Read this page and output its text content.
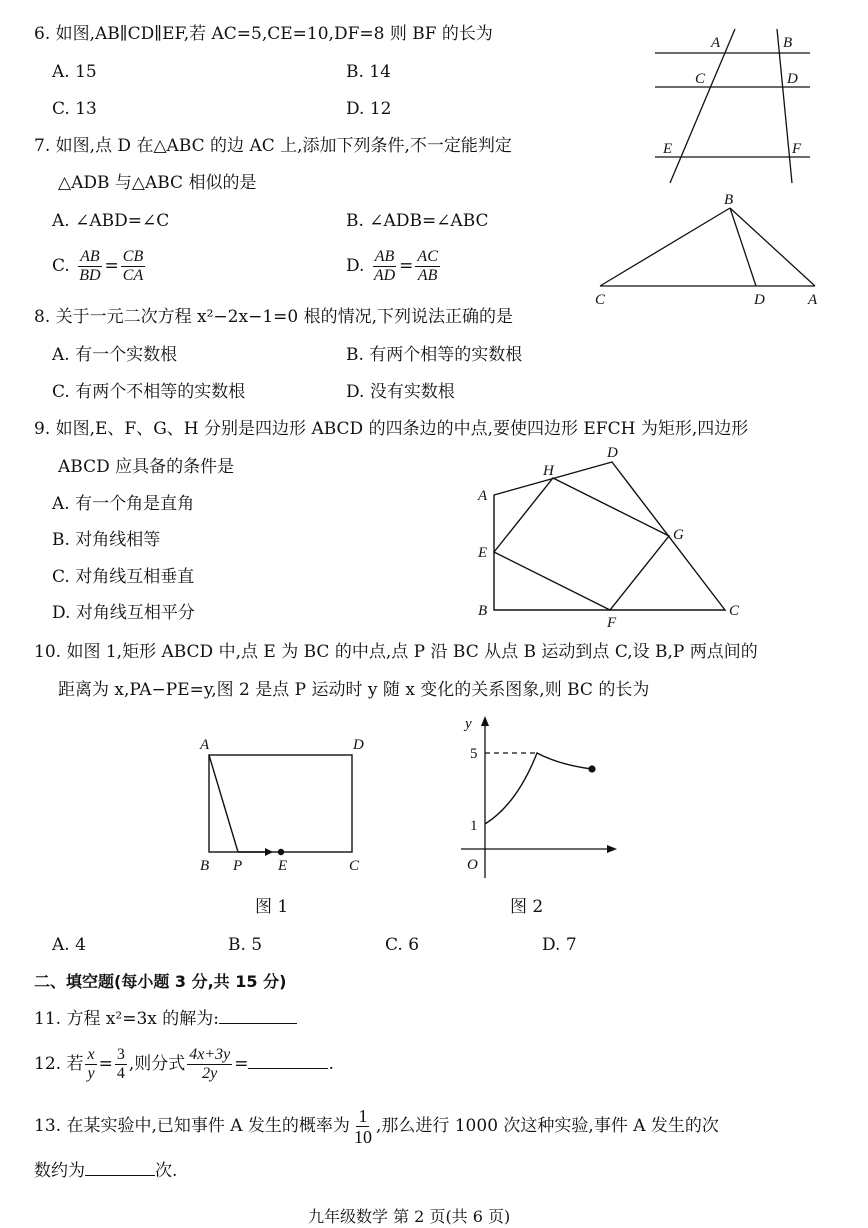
6. 如图,AB∥CD∥EF,若 AC=5,CE=10,DF=8 则 BF 的长为
A. 15	B. 14
C. 13	D. 12
A	B
C	D
E	F
7. 如图,点 D 在△ABC 的边 AC 上,添加下列条件,不一定能判定
△ADB 与△ABC 相似的是
A. ∠ABD=∠C	B. ∠ADB=∠ABC
C. $\frac{AB}{BD} = \frac{CB}{CA}$	D. $\frac{AB}{AD} = \frac{AC}{AB}$
B
C	D	A
8. 关于一元二次方程 x²−2x−1=0 根的情况,下列说法正确的是
A. 有一个实数根	B. 有两个相等的实数根
C. 有两个不相等的实数根	D. 没有实数根
9. 如图,E、F、G、H 分别是四边形 ABCD 的四条边的中点,要使四边形 EFCH 为矩形,四边形
ABCD 应具备的条件是
A. 有一个角是直角
B. 对角线相等
C. 对角线互相垂直
D. 对角线互相平分
D
H
A
G
E
B
F
C
10. 如图 1,矩形 ABCD 中,点 E 为 BC 的中点,点 P 沿 BC 从点 B 运动到点 C,设 B,P 两点间的
距离为 x,PA−PE=y,图 2 是点 P 运动时 y 随 x 变化的关系图象,则 BC 的长为
A	D
B P E	C
y
5
1
O
图 1	图 2
A. 4	B. 5	C. 6	D. 7
二、填空题(每小题 3 分,共 15 分)
11. 方程 x²=3x 的解为:
12. 若 $\frac{x}{y} = \frac{3}{4}$ ,则分式 $\frac{4x+3y}{2y}$ =	.
13. 在某实验中,已知事件 A 发生的概率为 $\frac{1}{10}$ ,那么进行 1000 次这种实验,事件 A 发生的次
数约为	次.
九年级数学 第 2 页(共 6 页)
